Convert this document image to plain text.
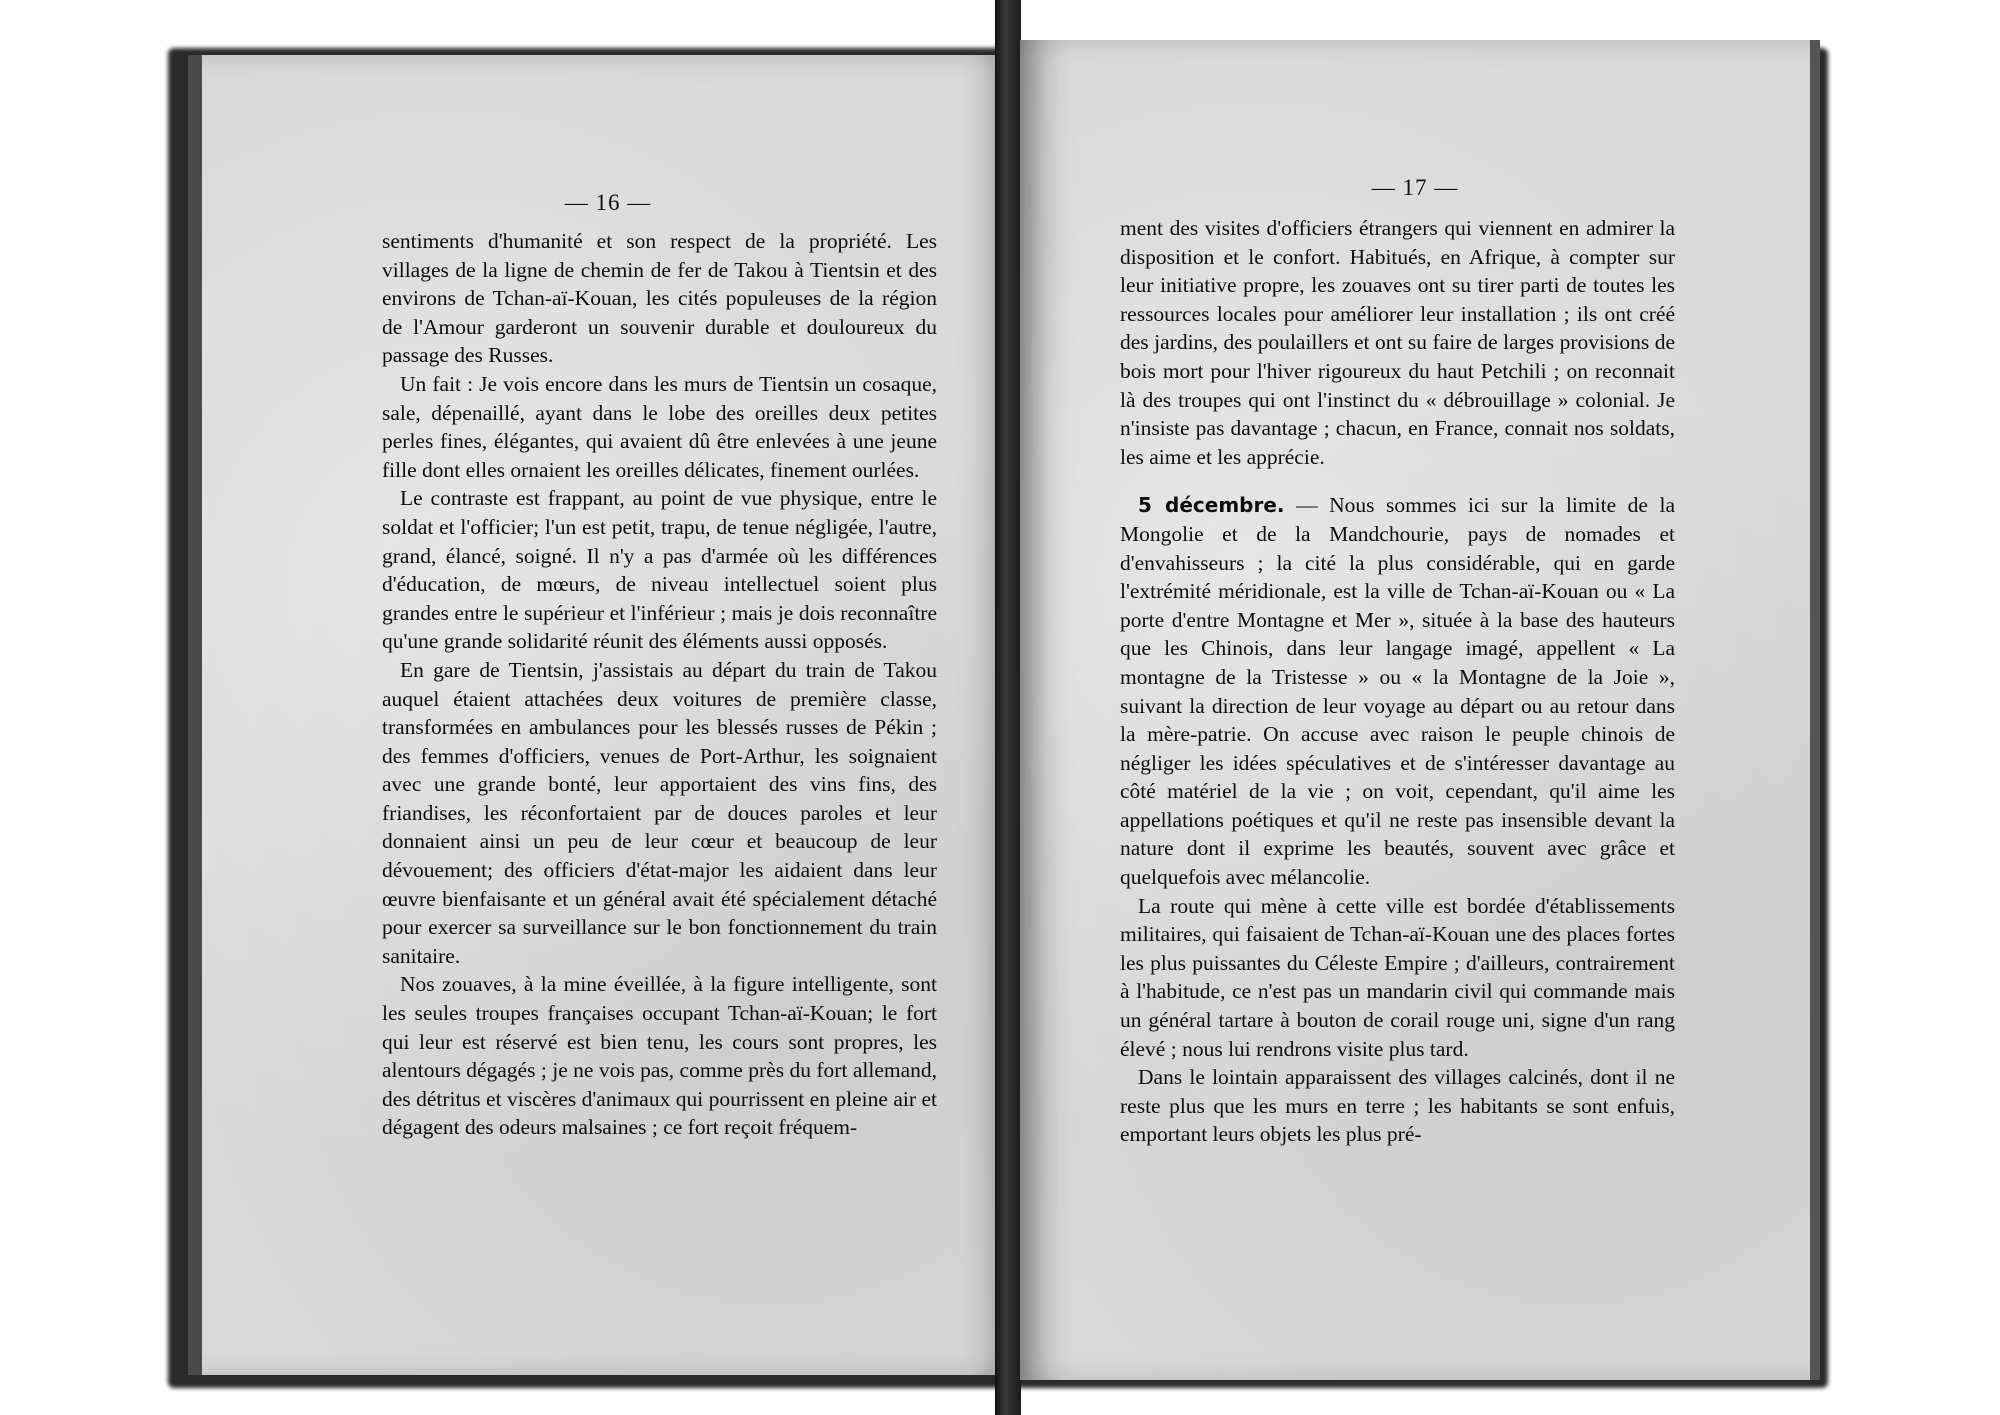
— 16 —

sentiments d'humanité et son respect de la propriété. Les villages de la ligne de chemin de fer de Takou à Tientsin et des environs de Tchan-aï-Kouan, les cités populeuses de la région de l'Amour garderont un souvenir durable et douloureux du passage des Russes.

Un fait : Je vois encore dans les murs de Tientsin un cosaque, sale, dépenaillé, ayant dans le lobe des oreilles deux petites perles fines, élégantes, qui avaient dû être enlevées à une jeune fille dont elles ornaient les oreilles délicates, finement ourlées.

Le contraste est frappant, au point de vue physique, entre le soldat et l'officier; l'un est petit, trapu, de tenue négligée, l'autre, grand, élancé, soigné. Il n'y a pas d'armée où les différences d'éducation, de mœurs, de niveau intellectuel soient plus grandes entre le supérieur et l'inférieur ; mais je dois reconnaître qu'une grande solidarité réunit des éléments aussi opposés.

En gare de Tientsin, j'assistais au départ du train de Takou auquel étaient attachées deux voitures de première classe, transformées en ambulances pour les blessés russes de Pékin ; des femmes d'officiers, venues de Port-Arthur, les soignaient avec une grande bonté, leur apportaient des vins fins, des friandises, les réconfortaient par de douces paroles et leur donnaient ainsi un peu de leur cœur et beaucoup de leur dévouement; des officiers d'état-major les aidaient dans leur œuvre bienfaisante et un général avait été spécialement détaché pour exercer sa surveillance sur le bon fonctionnement du train sanitaire.

Nos zouaves, à la mine éveillée, à la figure intelligente, sont les seules troupes françaises occupant Tchan-aï-Kouan; le fort qui leur est réservé est bien tenu, les cours sont propres, les alentours dégagés ; je ne vois pas, comme près du fort allemand, des détritus et viscères d'animaux qui pourrissent en pleine air et dégagent des odeurs malsaines ; ce fort reçoit fréquem-

— 17 —

ment des visites d'officiers étrangers qui viennent en admirer la disposition et le confort. Habitués, en Afrique, à compter sur leur initiative propre, les zouaves ont su tirer parti de toutes les ressources locales pour améliorer leur installation ; ils ont créé des jardins, des poulaillers et ont su faire de larges provisions de bois mort pour l'hiver rigoureux du haut Petchili ; on reconnait là des troupes qui ont l'instinct du « débrouillage » colonial. Je n'insiste pas davantage ; chacun, en France, connait nos soldats, les aime et les apprécie.

5 décembre. — Nous sommes ici sur la limite de la Mongolie et de la Mandchourie, pays de nomades et d'envahisseurs ; la cité la plus considérable, qui en garde l'extrémité méridionale, est la ville de Tchan-aï-Kouan ou « La porte d'entre Montagne et Mer », située à la base des hauteurs que les Chinois, dans leur langage imagé, appellent « La montagne de la Tristesse » ou « la Montagne de la Joie », suivant la direction de leur voyage au départ ou au retour dans la mère-patrie. On accuse avec raison le peuple chinois de négliger les idées spéculatives et de s'intéresser davantage au côté matériel de la vie ; on voit, cependant, qu'il aime les appellations poétiques et qu'il ne reste pas insensible devant la nature dont il exprime les beautés, souvent avec grâce et quelquefois avec mélancolie.

La route qui mène à cette ville est bordée d'établissements militaires, qui faisaient de Tchan-aï-Kouan une des places fortes les plus puissantes du Céleste Empire ; d'ailleurs, contrairement à l'habitude, ce n'est pas un mandarin civil qui commande mais un général tartare à bouton de corail rouge uni, signe d'un rang élevé ; nous lui rendrons visite plus tard.

Dans le lointain apparaissent des villages calcinés, dont il ne reste plus que les murs en terre ; les habitants se sont enfuis, emportant leurs objets les plus pré-
